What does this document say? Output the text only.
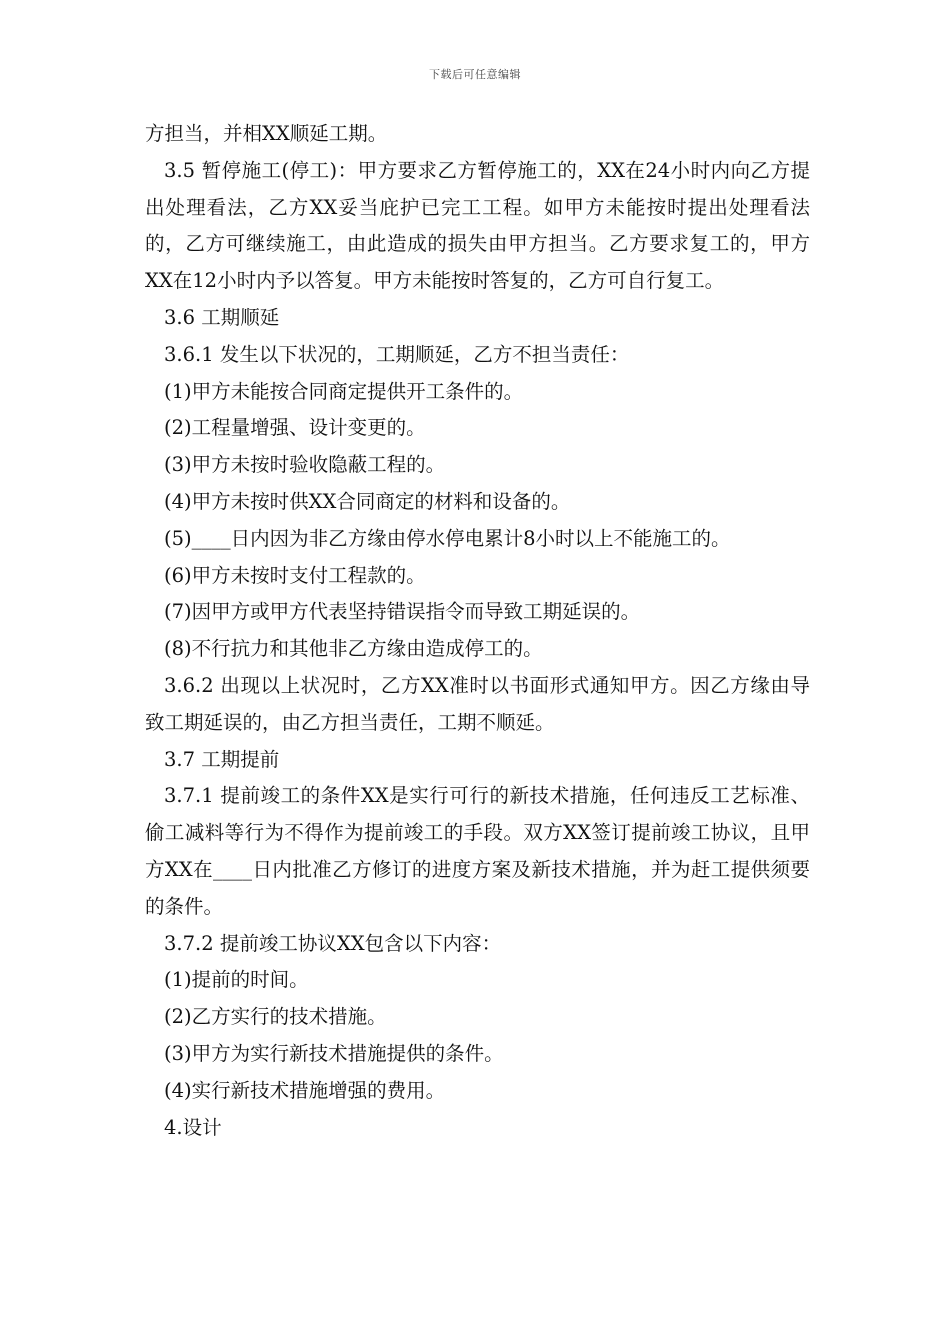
下载后可任意编辑

方担当，并相XX顺延工期。

3.5 暂停施工(停工)：甲方要求乙方暂停施工的，XX在24小时内向乙方提出处理看法，乙方XX妥当庇护已完工工程。如甲方未能按时提出处理看法的，乙方可继续施工，由此造成的损失由甲方担当。乙方要求复工的，甲方XX在12小时内予以答复。甲方未能按时答复的，乙方可自行复工。

3.6 工期顺延

3.6.1 发生以下状况的，工期顺延，乙方不担当责任：

(1)甲方未能按合同商定提供开工条件的。

(2)工程量增强、设计变更的。

(3)甲方未按时验收隐蔽工程的。

(4)甲方未按时供XX合同商定的材料和设备的。

(5)____日内因为非乙方缘由停水停电累计8小时以上不能施工的。

(6)甲方未按时支付工程款的。

(7)因甲方或甲方代表坚持错误指令而导致工期延误的。

(8)不行抗力和其他非乙方缘由造成停工的。

3.6.2 出现以上状况时，乙方XX准时以书面形式通知甲方。因乙方缘由导致工期延误的，由乙方担当责任，工期不顺延。

3.7 工期提前

3.7.1 提前竣工的条件XX是实行可行的新技术措施，任何违反工艺标准、偷工减料等行为不得作为提前竣工的手段。双方XX签订提前竣工协议，且甲方XX在____日内批准乙方修订的进度方案及新技术措施，并为赶工提供须要的条件。

3.7.2 提前竣工协议XX包含以下内容：

(1)提前的时间。

(2)乙方实行的技术措施。

(3)甲方为实行新技术措施提供的条件。

(4)实行新技术措施增强的费用。

4.设计
